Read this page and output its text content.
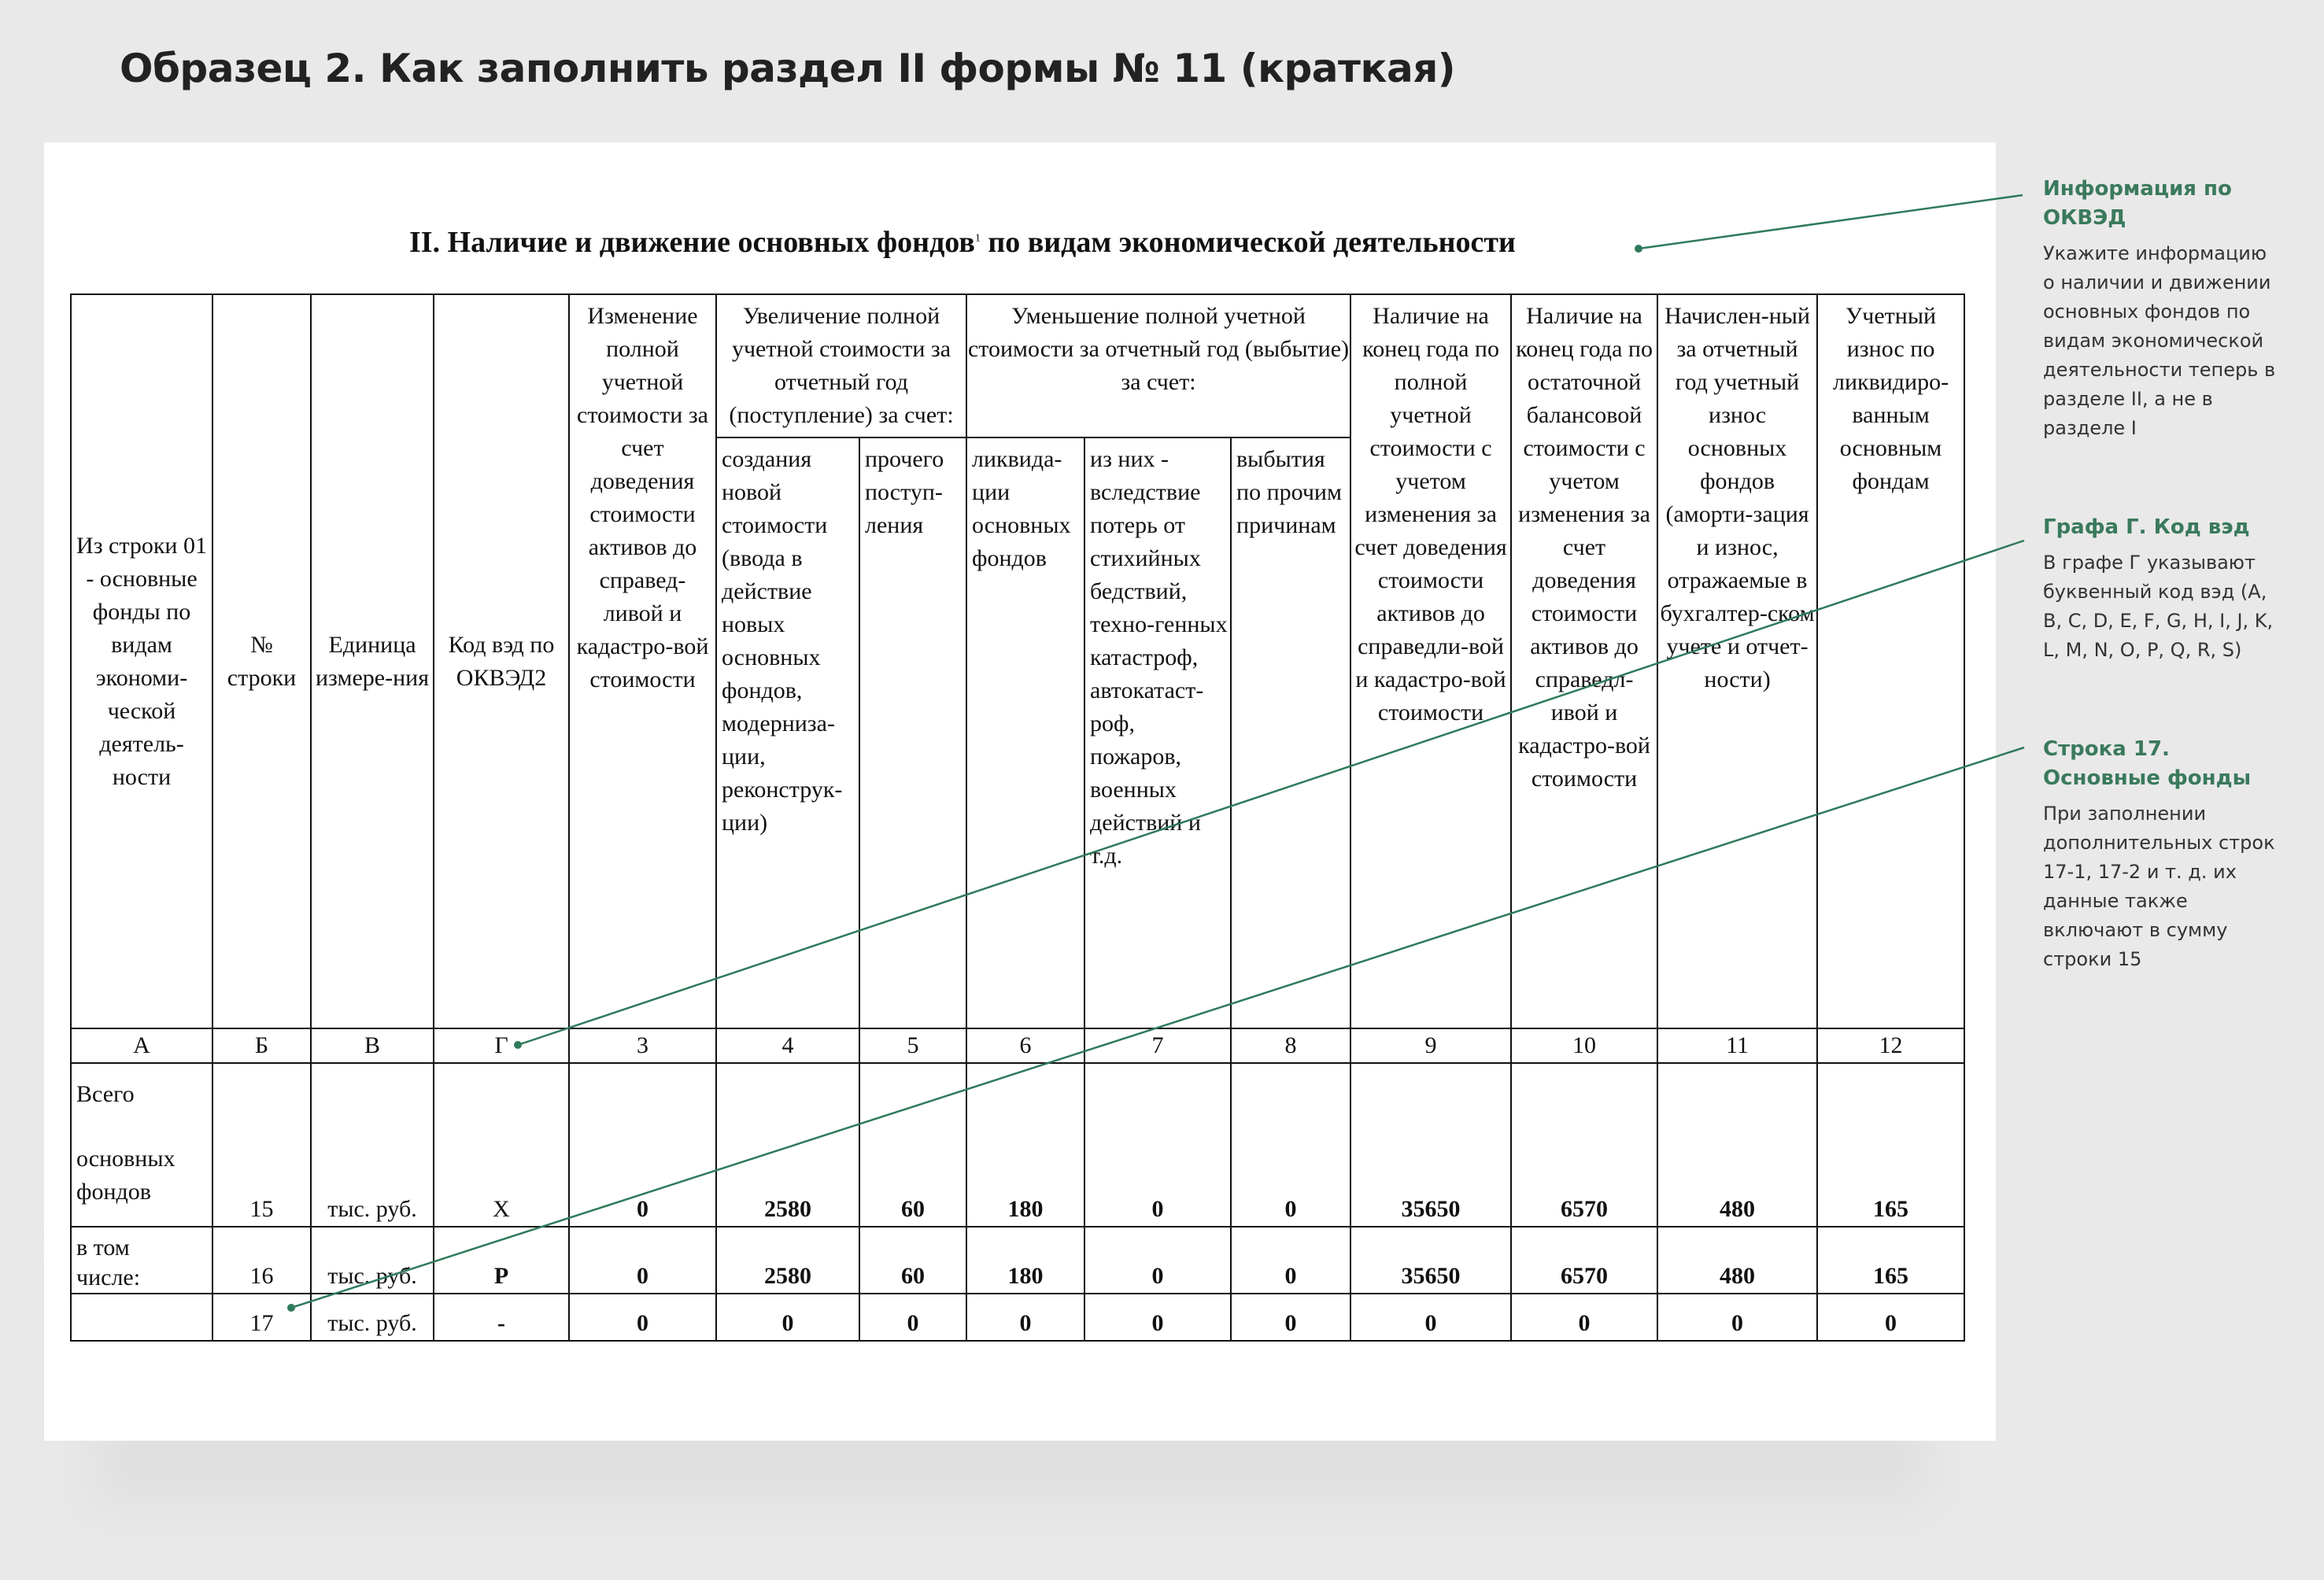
Образец 2. Как заполнить раздел II формы № 11 (краткая)
II. Наличие и движение основных фондов$^1$ по видам экономической деятельности
Из строки 01 - основные фонды по видам экономи-ческой деятель-ности	№ строки	Единица измере-ния	Код вэд по ОКВЭД2	Изменение полной учетной стоимости за счет доведения стоимости активов до справед-ливой и кадастро-вой стоимости	Увеличение полной учетной стоимости за отчетный год (поступление) за счет:		Уменьшение полной учетной стоимости за отчетный год (выбытие) за счет:			Наличие на конец года по полной учетной стоимости с учетом изменения за счет доведения стоимости активов до справедли-вой и кадастро-вой стоимости	Наличие на конец года по остаточной балансовой стоимости с учетом изменения за счет доведения стоимости активов до справедл-ивой и кадастро-вой стоимости	Начислен-ный за отчетный год учетный износ основных фондов (аморти-зация и износ, отражаемые в бухгалтер-ском учете и отчет-ности)	Учетный износ по ликвидиро-ванным основным фондам
					создания новой стоимости (ввода в действие новых основных фондов, модерниза-ции, реконструк-ции)	прочего поступ-ления	ликвида-ции основных фондов	из них - вследствие потерь от стихийных бедствий, техно-генных катастроф, автокатаст-роф, пожаров, военных действий и т.д.	выбытия по прочим причинам				
А	Б	В	Г	3	4	5	6	7	8	9	10	11	12

Всего
основных фондов	15	тыс. руб.	Х	0	2580	60	180	0	0	35650	6570	480	165

в том
числе:	16	тыс. руб.	Р	0	2580	60	180	0	0	35650	6570	480	165
	17	тыс. руб.	-	0	0	0	0	0	0	0	0	0	0
Информация по ОКВЭД
Укажите информацию о наличии и движении основных фондов по видам экономической деятельности теперь в разделе II, а не в разделе I
Графа Г. Код вэд
В графе Г указывают буквенный код вэд (A, B, C, D, E, F, G, H, I, J, K, L, M, N, O, P, Q, R, S)
Строка 17. Основные фонды
При заполнении дополнительных строк 17-1, 17-2 и т. д. их данные также включают в сумму строки 15
